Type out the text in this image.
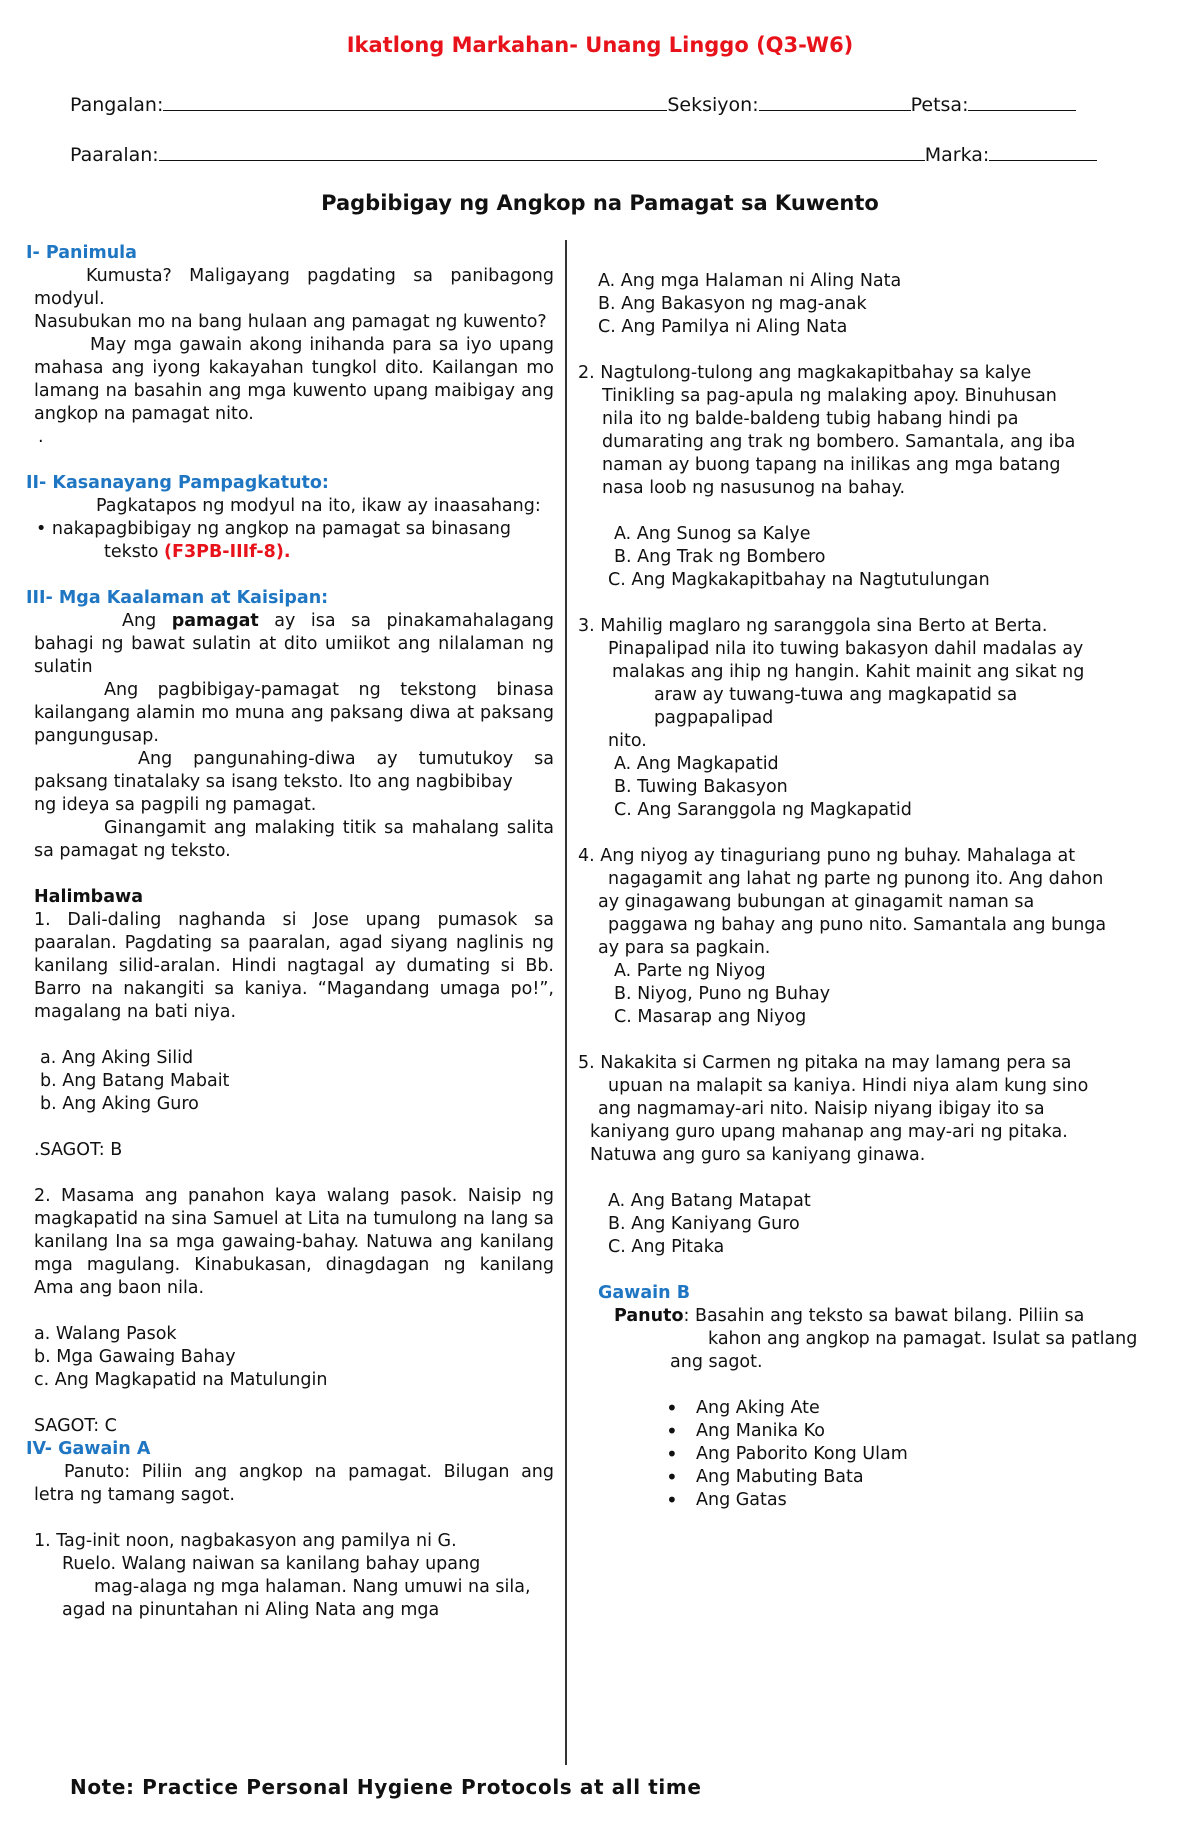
Ikatlong Markahan- Unang Linggo (Q3-W6)
Pangalan:	Seksiyon:	Petsa:
Paaralan:	Marka:
Pagbibigay ng Angkop na Pamagat sa Kuwento

I- Panimula

Kumusta? Maligayang pagdating sa panibagong modyul.

Nasubukan mo na bang hulaan ang pamagat ng kuwento?

May mga gawain akong inihanda para sa iyo upang mahasa ang iyong kakayahan tungkol dito. Kailangan mo lamang na basahin ang mga kuwento upang maibigay ang angkop na pamagat nito.

.

II- Kasanayang Pampagkatuto:

Pagkatapos ng modyul na ito, ikaw ay inaasahang:

• nakapagbibigay ng angkop na pamagat sa binasang

teksto (F3PB-IIIf-8).

III- Mga Kaalaman at Kaisipan:

Ang pamagat ay isa sa pinakamahalagang bahagi ng bawat sulatin at dito umiikot ang nilalaman ng sulatin

Ang pagbibigay-pamagat ng tekstong binasa kailangang alamin mo muna ang paksang diwa at paksang pangungusap.

Ang pangunahing-diwa ay tumutukoy sa paksang tinatalaky sa isang teksto. Ito ang nagbibibay

ng ideya sa pagpili ng pamagat.

Ginangamit ang malaking titik sa mahalang salita sa pamagat ng teksto.

Halimbawa

1. Dali-daling naghanda si Jose upang pumasok sa paaralan. Pagdating sa paaralan, agad siyang naglinis ng kanilang silid-aralan. Hindi nagtagal ay dumating si Bb. Barro na nakangiti sa kaniya. “Magandang umaga po!”, magalang na bati niya.

a. Ang Aking Silid

b. Ang Batang Mabait

b. Ang Aking Guro

.SAGOT: B

2. Masama ang panahon kaya walang pasok. Naisip ng magkapatid na sina Samuel at Lita na tumulong na lang sa kanilang Ina sa mga gawaing-bahay. Natuwa ang kanilang mga magulang. Kinabukasan, dinagdagan ng kanilang Ama ang baon nila.

a. Walang Pasok

b. Mga Gawaing Bahay

c. Ang Magkapatid na Matulungin

SAGOT: C

IV- Gawain A

Panuto: Piliin ang angkop na pamagat. Bilugan ang letra ng tamang sagot.

1. Tag-init noon, nagbakasyon ang pamilya ni G.

Ruelo. Walang naiwan sa kanilang bahay upang

mag-alaga ng mga halaman. Nang umuwi na sila,

agad na pinuntahan ni Aling Nata ang mga

A. Ang mga Halaman ni Aling Nata

B. Ang Bakasyon ng mag-anak

C. Ang Pamilya ni Aling Nata

2. Nagtulong-tulong ang magkakapitbahay sa kalye

Tinikling sa pag-apula ng malaking apoy. Binuhusan

nila ito ng balde-baldeng tubig habang hindi pa

dumarating ang trak ng bombero. Samantala, ang iba

naman ay buong tapang na inilikas ang mga batang

nasa loob ng nasusunog na bahay.

A. Ang Sunog sa Kalye

B. Ang Trak ng Bombero

C. Ang Magkakapitbahay na Nagtutulungan

3. Mahilig maglaro ng saranggola sina Berto at Berta.

Pinapalipad nila ito tuwing bakasyon dahil madalas ay

malakas ang ihip ng hangin. Kahit mainit ang sikat ng

araw ay tuwang-tuwa ang magkapatid sa pagpapalipad

nito.

A. Ang Magkapatid

B. Tuwing Bakasyon

C. Ang Saranggola ng Magkapatid

4. Ang niyog ay tinaguriang puno ng buhay. Mahalaga at

nagagamit ang lahat ng parte ng punong ito. Ang dahon

ay ginagawang bubungan at ginagamit naman sa

paggawa ng bahay ang puno nito. Samantala ang bunga

ay para sa pagkain.

A. Parte ng Niyog

B. Niyog, Puno ng Buhay

C. Masarap ang Niyog

5. Nakakita si Carmen ng pitaka na may lamang pera sa

upuan na malapit sa kaniya. Hindi niya alam kung sino

ang nagmamay-ari nito. Naisip niyang ibigay ito sa

kaniyang guro upang mahanap ang may-ari ng pitaka.

Natuwa ang guro sa kaniyang ginawa.

A. Ang Batang Matapat

B. Ang Kaniyang Guro

C. Ang Pitaka

Gawain B

Panuto: Basahin ang teksto sa bawat bilang. Piliin sa

kahon ang angkop na pamagat. Isulat sa patlang

ang sagot.

• Ang Aking Ate
• Ang Manika Ko
• Ang Paborito Kong Ulam
• Ang Mabuting Bata
• Ang Gatas
Note: Practice Personal Hygiene Protocols at all time
